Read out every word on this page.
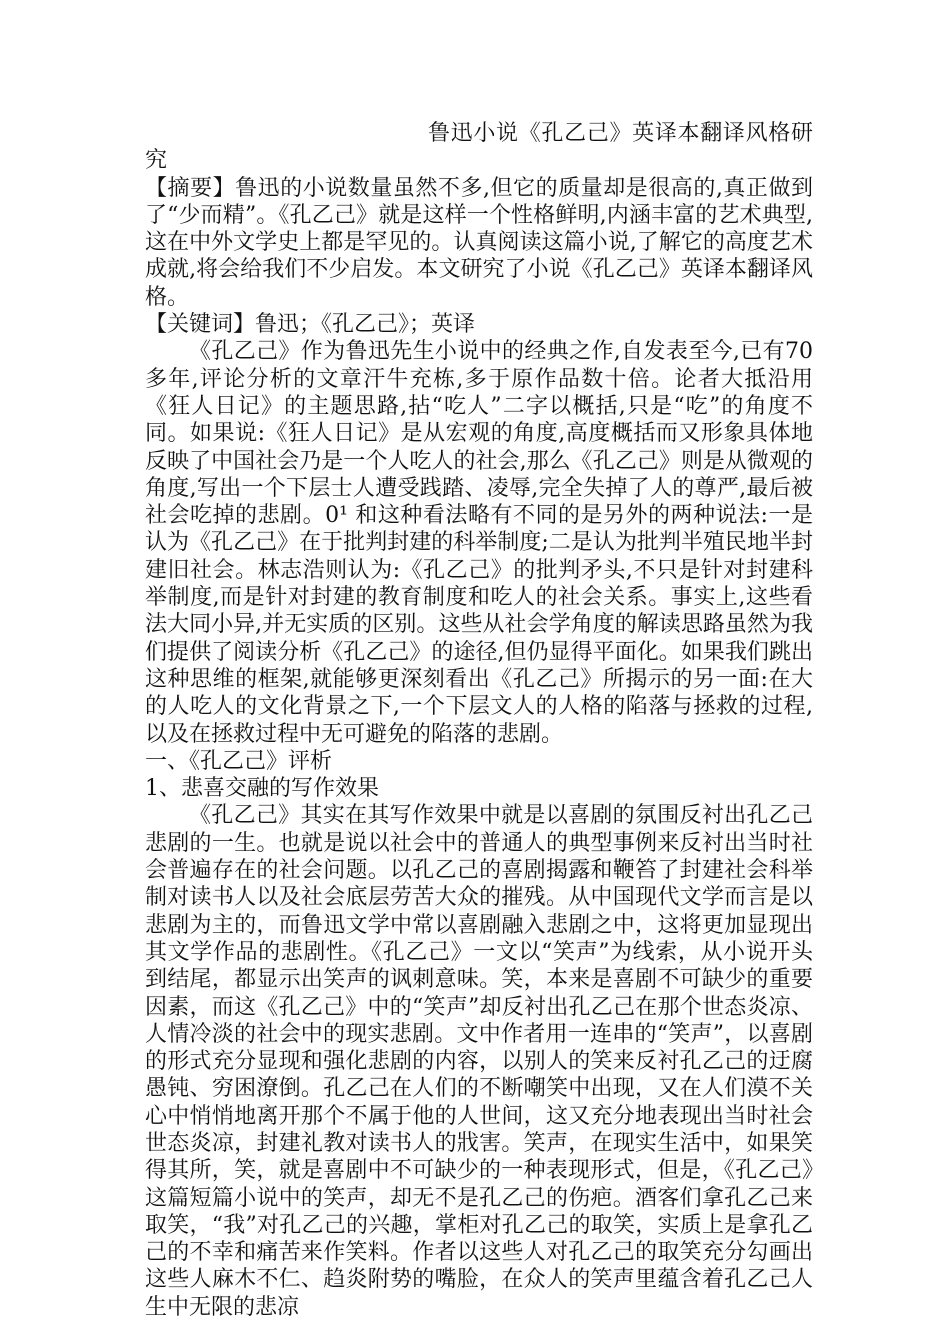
鲁迅小说《孔乙己》英译本翻译风格研究

【摘要】鲁迅的小说数量虽然不多,但它的质量却是很高的,真正做到了“少而精”。《孔乙己》就是这样一个性格鲜明,内涵丰富的艺术典型,这在中外文学史上都是罕见的。认真阅读这篇小说,了解它的高度艺术成就,将会给我们不少启发。本文研究了小说《孔乙己》英译本翻译风格。

【关键词】鲁迅；《孔乙己》；英译

《孔乙己》作为鲁迅先生小说中的经典之作,自发表至今,已有70多年,评论分析的文章汗牛充栋,多于原作品数十倍。论者大抵沿用《狂人日记》的主题思路,拈“吃人”二字以概括,只是“吃”的角度不同。如果说:《狂人日记》是从宏观的角度,高度概括而又形象具体地反映了中国社会乃是一个人吃人的社会,那么《孔乙己》则是从微观的角度,写出一个下层士人遭受践踏、凌辱,完全失掉了人的尊严,最后被社会吃掉的悲剧。0¹ 和这种看法略有不同的是另外的两种说法:一是认为《孔乙己》在于批判封建的科举制度;二是认为批判半殖民地半封建旧社会。林志浩则认为:《孔乙己》的批判矛头,不只是针对封建科举制度,而是针对封建的教育制度和吃人的社会关系。事实上,这些看法大同小异,并无实质的区别。这些从社会学角度的解读思路虽然为我们提供了阅读分析《孔乙己》的途径,但仍显得平面化。如果我们跳出这种思维的框架,就能够更深刻看出《孔乙己》所揭示的另一面:在大的人吃人的文化背景之下,一个下层文人的人格的陷落与拯救的过程,以及在拯救过程中无可避免的陷落的悲剧。

一、《孔乙己》评析

1、悲喜交融的写作效果

《孔乙己》其实在其写作效果中就是以喜剧的氛围反衬出孔乙己悲剧的一生。也就是说以社会中的普通人的典型事例来反衬出当时社会普遍存在的社会问题。以孔乙己的喜剧揭露和鞭笞了封建社会科举制对读书人以及社会底层劳苦大众的摧残。从中国现代文学而言是以悲剧为主的，而鲁迅文学中常以喜剧融入悲剧之中，这将更加显现出其文学作品的悲剧性。《孔乙己》一文以“笑声”为线索，从小说开头到结尾，都显示出笑声的讽刺意味。笑，本来是喜剧不可缺少的重要因素，而这《孔乙己》中的“笑声”却反衬出孔乙己在那个世态炎凉、人情冷淡的社会中的现实悲剧。文中作者用一连串的“笑声”，以喜剧的形式充分显现和强化悲剧的内容，以别人的笑来反衬孔乙己的迂腐愚钝、穷困潦倒。孔乙己在人们的不断嘲笑中出现，又在人们漠不关心中悄悄地离开那个不属于他的人世间，这又充分地表现出当时社会世态炎凉，封建礼教对读书人的戕害。笑声，在现实生活中，如果笑得其所，笑，就是喜剧中不可缺少的一种表现形式，但是，《孔乙己》这篇短篇小说中的笑声，却无不是孔乙己的伤疤。酒客们拿孔乙己来取笑，“我”对孔乙己的兴趣，掌柜对孔乙己的取笑，实质上是拿孔乙己的不幸和痛苦来作笑料。作者以这些人对孔乙己的取笑充分勾画出这些人麻木不仁、趋炎附势的嘴脸，在众人的笑声里蕴含着孔乙己人生中无限的悲凉
